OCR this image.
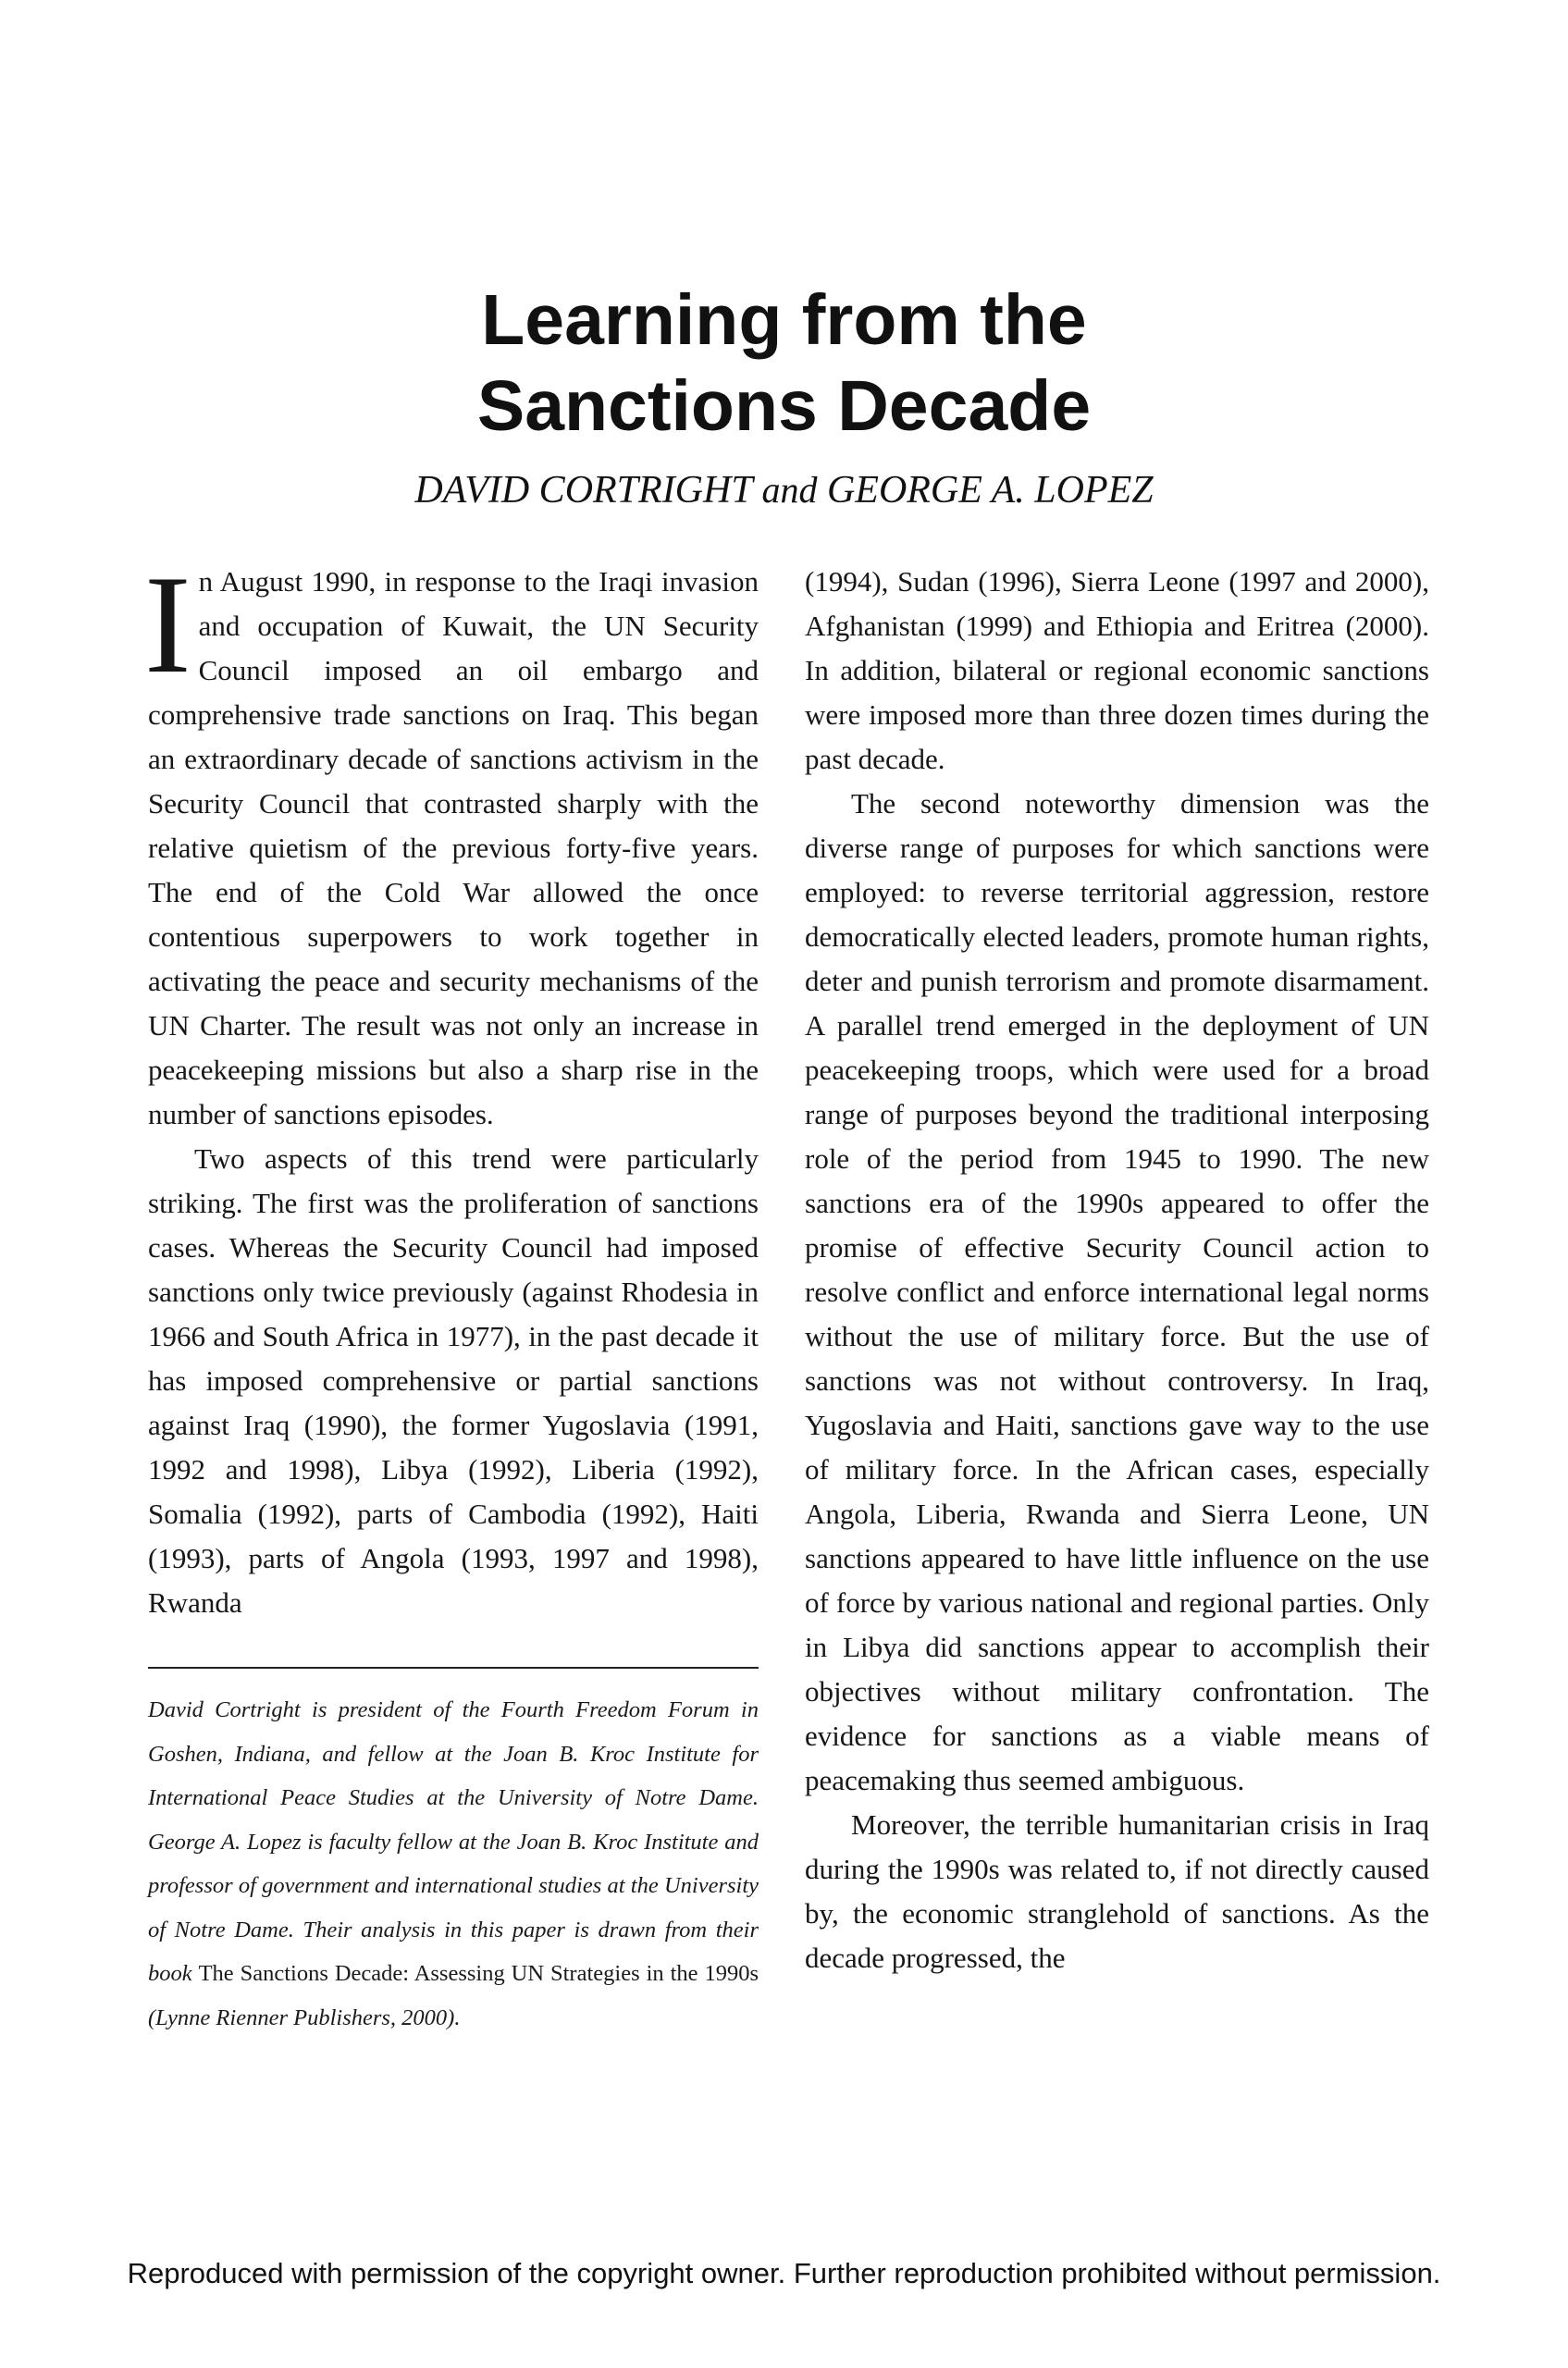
Learning from the
Sanctions Decade
DAVID CORTRIGHT and GEORGE A. LOPEZ

In August 1990, in response to the Iraqi invasion and occupation of Kuwait, the UN Security Council imposed an oil embargo and comprehensive trade sanctions on Iraq. This began an extraordinary decade of sanctions activism in the Security Council that contrasted sharply with the relative quietism of the previous forty-five years. The end of the Cold War allowed the once contentious superpowers to work together in activating the peace and security mechanisms of the UN Charter. The result was not only an increase in peacekeeping missions but also a sharp rise in the number of sanctions episodes.

Two aspects of this trend were particularly striking. The first was the proliferation of sanctions cases. Whereas the Security Council had imposed sanctions only twice previously (against Rhodesia in 1966 and South Africa in 1977), in the past decade it has imposed comprehensive or partial sanctions against Iraq (1990), the former Yugoslavia (1991, 1992 and 1998), Libya (1992), Liberia (1992), Somalia (1992), parts of Cambodia (1992), Haiti (1993), parts of Angola (1993, 1997 and 1998), Rwanda

David Cortright is president of the Fourth Freedom Forum in Goshen, Indiana, and fellow at the Joan B. Kroc Institute for International Peace Studies at the University of Notre Dame. George A. Lopez is faculty fellow at the Joan B. Kroc Institute and professor of government and international studies at the University of Notre Dame. Their analysis in this paper is drawn from their book The Sanctions Decade: Assessing UN Strategies in the 1990s (Lynne Rienner Publishers, 2000).

(1994), Sudan (1996), Sierra Leone (1997 and 2000), Afghanistan (1999) and Ethiopia and Eritrea (2000). In addition, bilateral or regional economic sanctions were imposed more than three dozen times during the past decade.

The second noteworthy dimension was the diverse range of purposes for which sanctions were employed: to reverse territorial aggression, restore democratically elected leaders, promote human rights, deter and punish terrorism and promote disarmament. A parallel trend emerged in the deployment of UN peacekeeping troops, which were used for a broad range of purposes beyond the traditional interposing role of the period from 1945 to 1990. The new sanctions era of the 1990s appeared to offer the promise of effective Security Council action to resolve conflict and enforce international legal norms without the use of military force. But the use of sanctions was not without controversy. In Iraq, Yugoslavia and Haiti, sanctions gave way to the use of military force. In the African cases, especially Angola, Liberia, Rwanda and Sierra Leone, UN sanctions appeared to have little influence on the use of force by various national and regional parties. Only in Libya did sanctions appear to accomplish their objectives without military confrontation. The evidence for sanctions as a viable means of peacemaking thus seemed ambiguous.

Moreover, the terrible humanitarian crisis in Iraq during the 1990s was related to, if not directly caused by, the economic stranglehold of sanctions. As the decade progressed, the

Reproduced with permission of the copyright owner. Further reproduction prohibited without permission.
